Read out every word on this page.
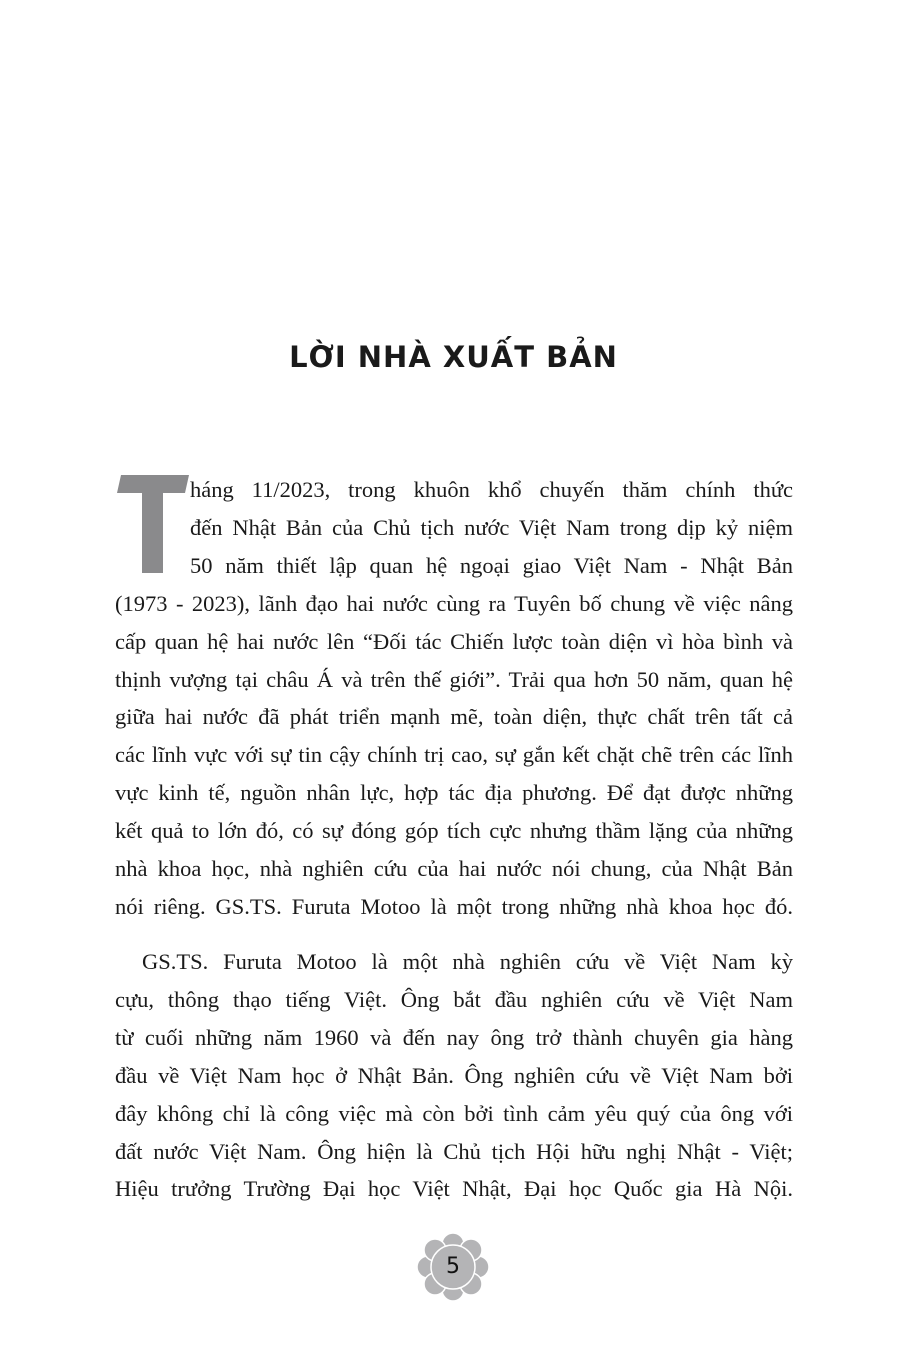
LỜI NHÀ XUẤT BẢN
háng 11/2023, trong khuôn khổ chuyến thăm chính thức
đến Nhật Bản của Chủ tịch nước Việt Nam trong dịp kỷ niệm
50 năm thiết lập quan hệ ngoại giao Việt Nam - Nhật Bản
(1973 - 2023), lãnh đạo hai nước cùng ra Tuyên bố chung về việc nâng
cấp quan hệ hai nước lên “Đối tác Chiến lược toàn diện vì hòa bình và
thịnh vượng tại châu Á và trên thế giới”. Trải qua hơn 50 năm, quan hệ
giữa hai nước đã phát triển mạnh mẽ, toàn diện, thực chất trên tất cả
các lĩnh vực với sự tin cậy chính trị cao, sự gắn kết chặt chẽ trên các lĩnh
vực kinh tế, nguồn nhân lực, hợp tác địa phương. Để đạt được những
kết quả to lớn đó, có sự đóng góp tích cực nhưng thầm lặng của những
nhà khoa học, nhà nghiên cứu của hai nước nói chung, của Nhật Bản
nói riêng. GS.TS. Furuta Motoo là một trong những nhà khoa học đó.
GS.TS. Furuta Motoo là một nhà nghiên cứu về Việt Nam kỳ
cựu, thông thạo tiếng Việt. Ông bắt đầu nghiên cứu về Việt Nam
từ cuối những năm 1960 và đến nay ông trở thành chuyên gia hàng
đầu về Việt Nam học ở Nhật Bản. Ông nghiên cứu về Việt Nam bởi
đây không chỉ là công việc mà còn bởi tình cảm yêu quý của ông với
đất nước Việt Nam. Ông hiện là Chủ tịch Hội hữu nghị Nhật - Việt;
Hiệu trưởng Trường Đại học Việt Nhật, Đại học Quốc gia Hà Nội.
5
